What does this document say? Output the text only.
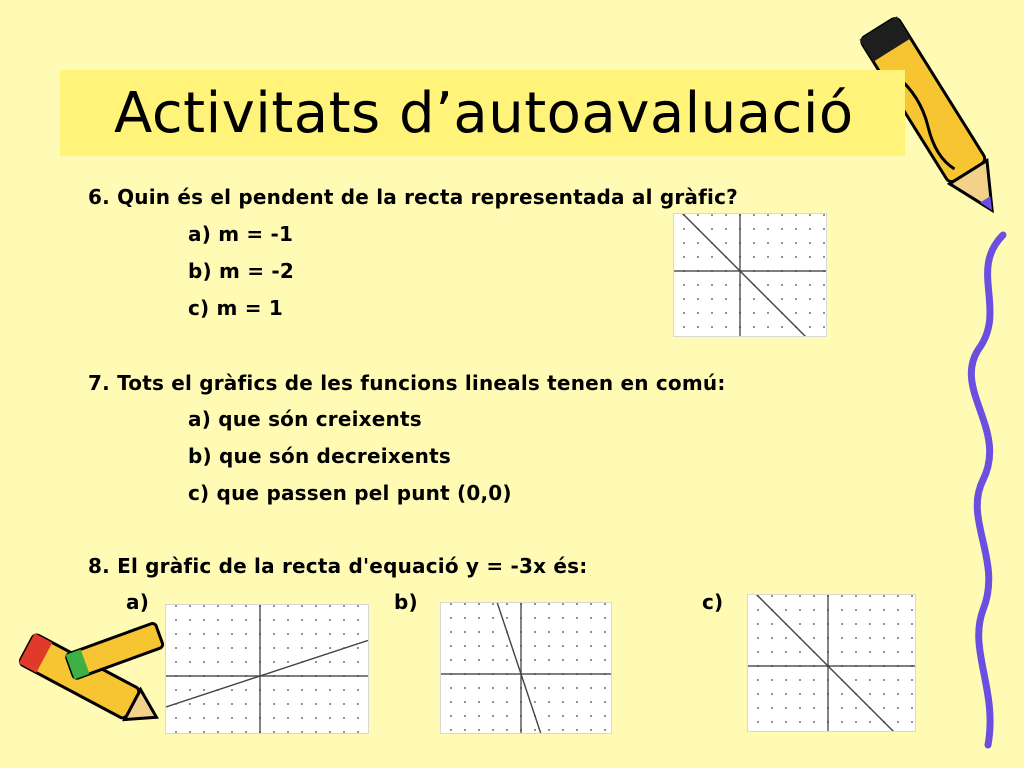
Activitats d’autoavaluació
6. Quin és el pendent de la recta representada al gràfic?
a) m = -1
b) m = -2
c) m = 1
7. Tots el gràfics de les funcions lineals tenen en comú:
a) que són creixents
b) que són decreixents
c) que passen pel punt (0,0)
8. El gràfic de la recta d'equació y = -3x és:
a)	b)	c)
